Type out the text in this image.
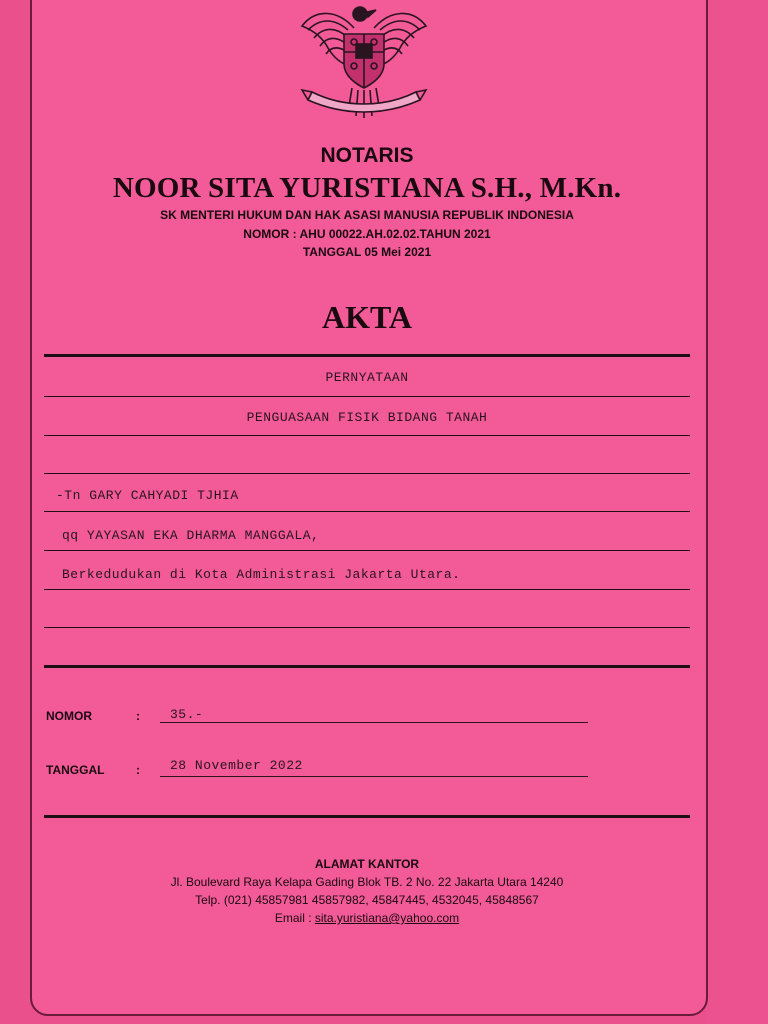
NOTARIS
NOOR SITA YURISTIANA S.H., M.Kn.
SK MENTERI HUKUM DAN HAK ASASI MANUSIA REPUBLIK INDONESIA
NOMOR : AHU 00022.AH.02.02.TAHUN 2021
TANGGAL 05 Mei 2021
AKTA
PERNYATAAN
PENGUASAAN FISIK BIDANG TANAH
-Tn GARY CAHYADI TJHIA
qq YAYASAN EKA DHARMA MANGGALA,
Berkedudukan di Kota Administrasi Jakarta Utara.
NOMOR	: 35.-
TANGGAL	: 28 November 2022
ALAMAT KANTOR
Jl. Boulevard Raya Kelapa Gading Blok TB. 2 No. 22 Jakarta Utara 14240
Telp. (021) 45857981 45857982, 45847445, 4532045, 45848567
Email : sita.yuristiana@yahoo.com
